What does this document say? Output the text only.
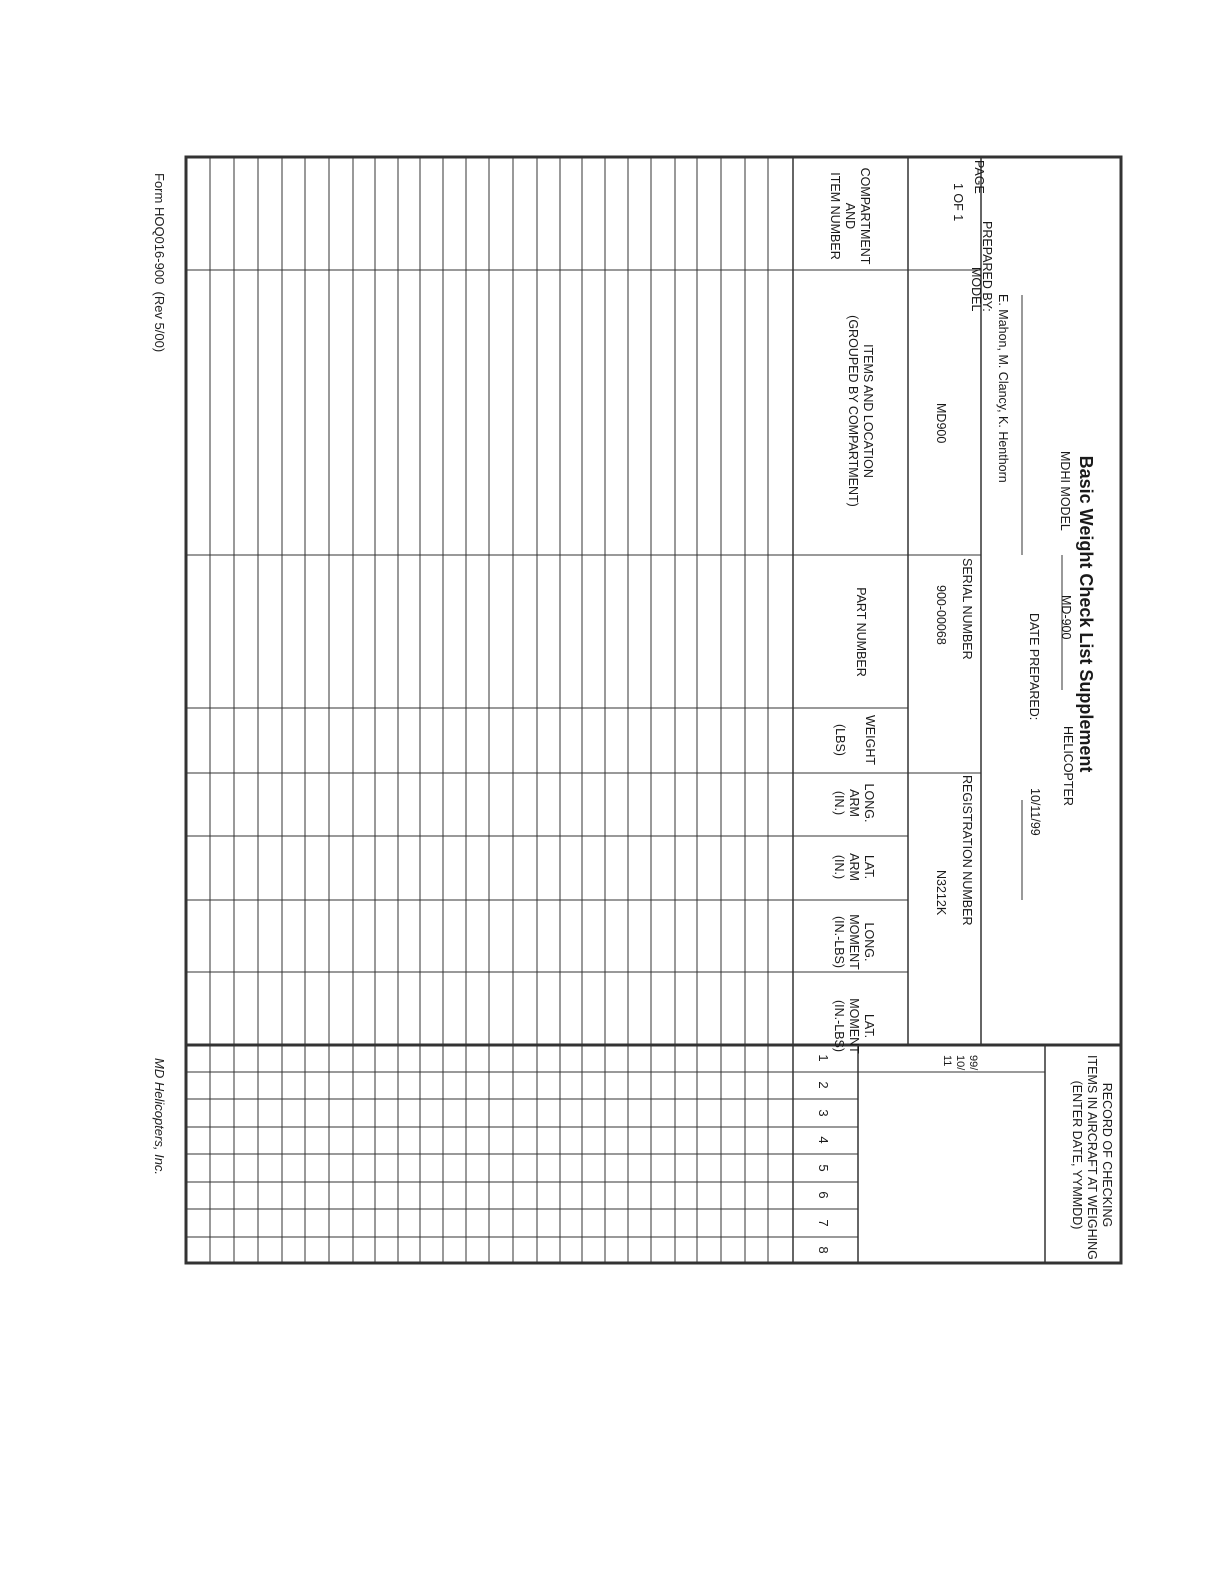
Basic Weight Check List Supplement
MDHI MODEL
MD-900
HELICOPTER
PREPARED BY:
E. Mahon, M. Clancy, K. Henthorn
DATE PREPARED:
10/11/99
PAGE
1 OF 1
MODEL
MD900
SERIAL NUMBER
900-00068
REGISTRATION NUMBER
N3212K
COMPARTMENT
AND
ITEM NUMBER
ITEMS AND LOCATION
(GROUPED BY COMPARTMENT)
PART NUMBER
WEIGHT

(LBS)
LONG.
ARM
(IN.)
LAT.
ARM
(IN.)
LONG.
MOMENT
(IN.-LBS)
LAT.
MOMENT
(IN.-LBS)
RECORD OF CHECKING
ITEMS IN AIRCRAFT AT WEIGHING
(ENTER DATE, YYMMDD)
99/
10/
11
1
2
3
4
5
6
7
8
Form HOQ016-900  (Rev 5/00)
MD Helicopters, Inc.
